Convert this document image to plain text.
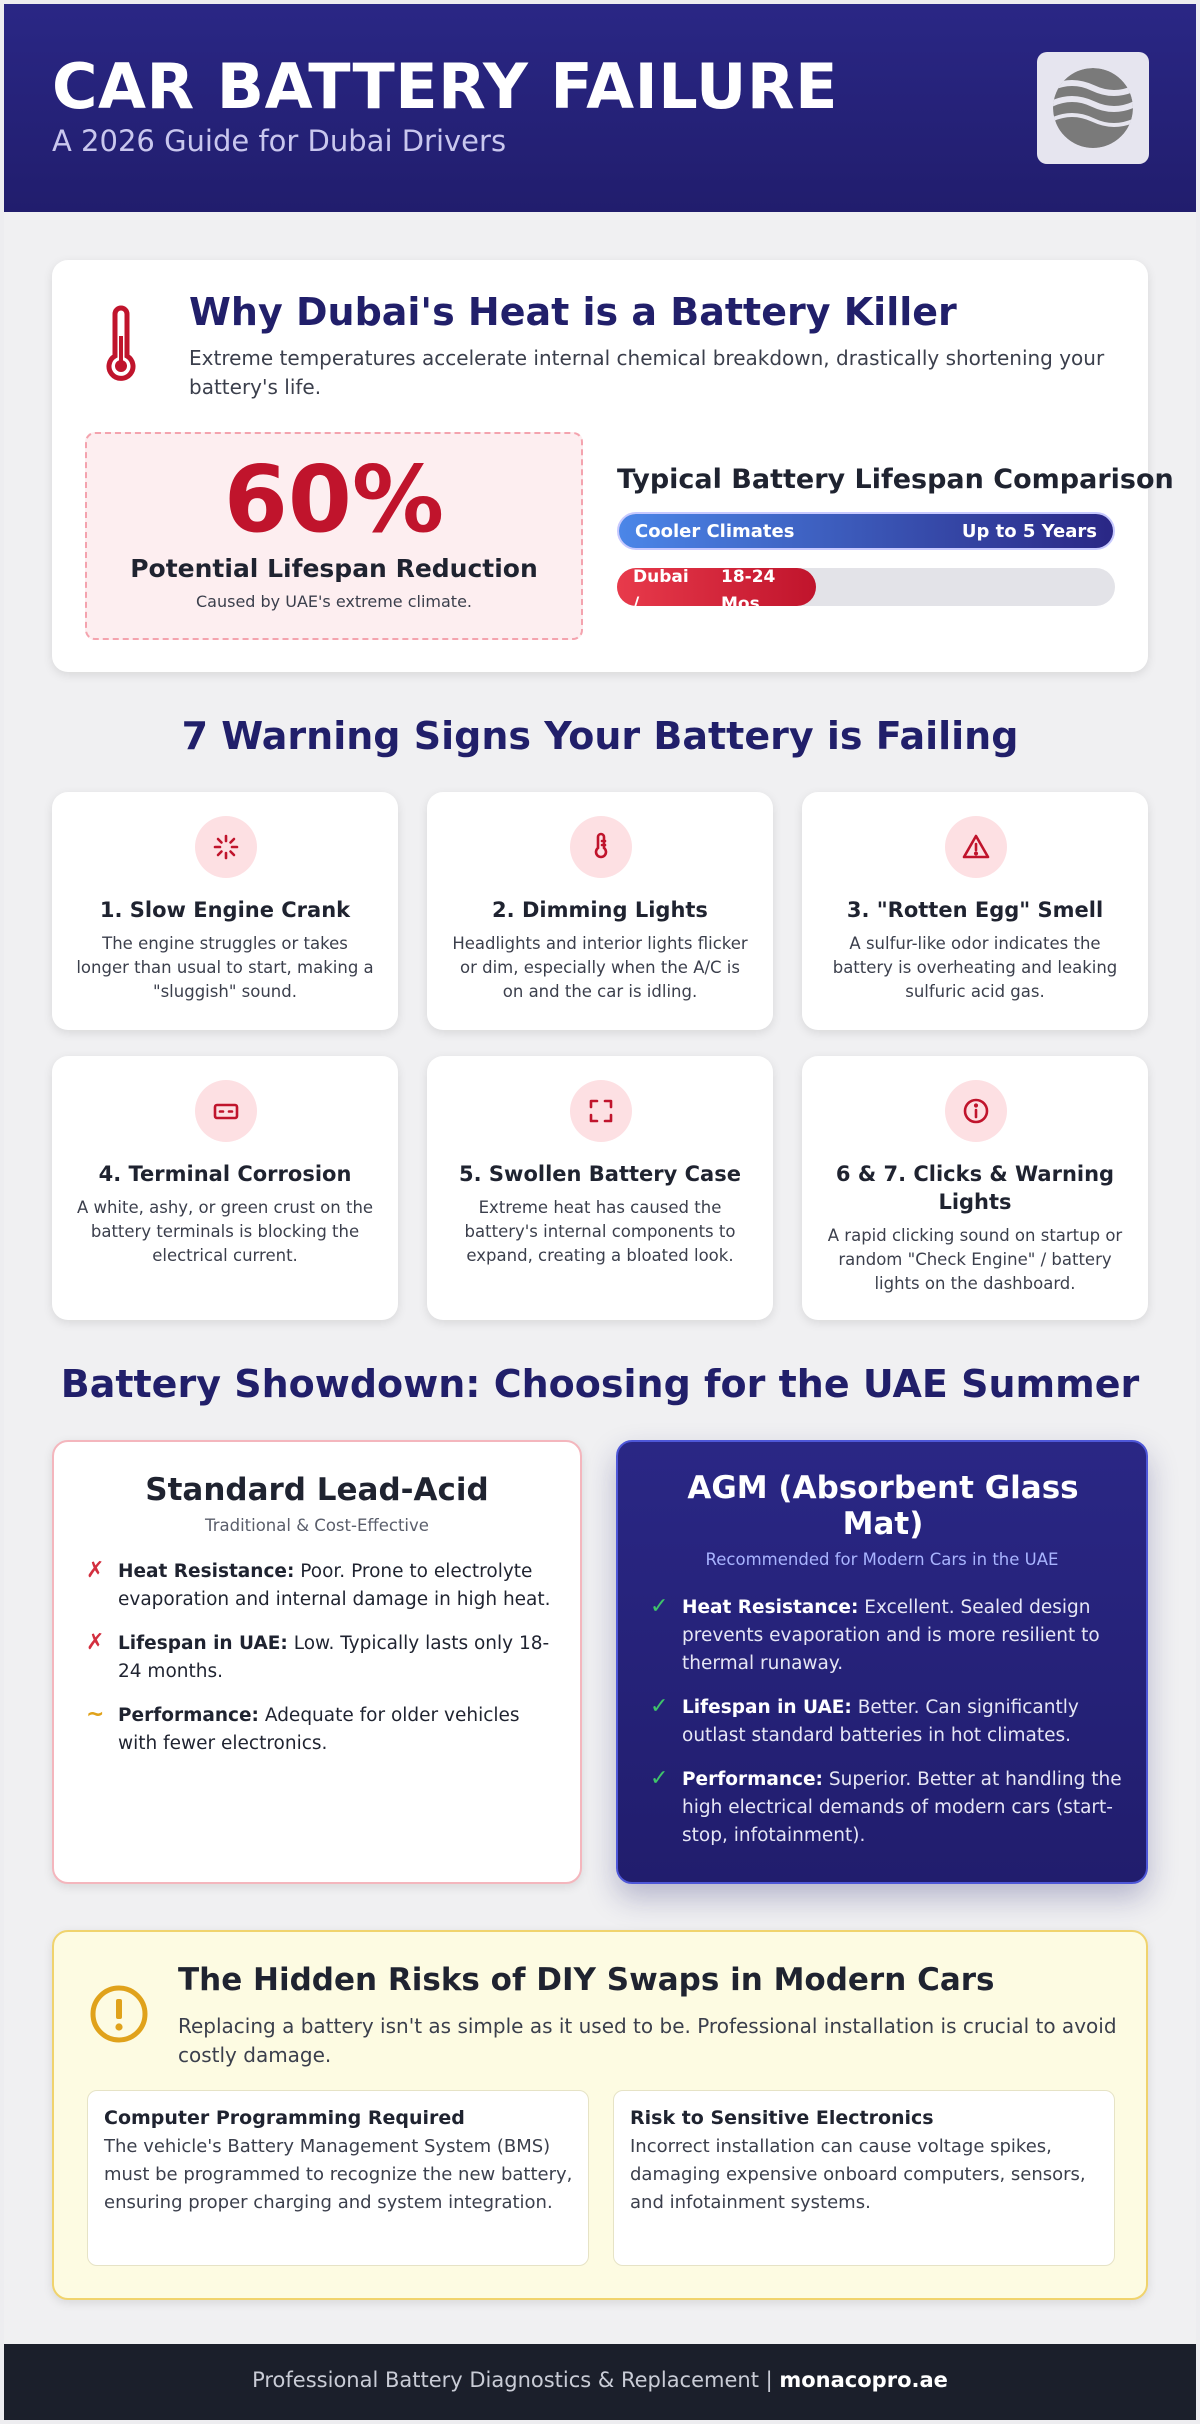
CAR BATTERY FAILURE
A 2026 Guide for Dubai Drivers
Why Dubai's Heat is a Battery Killer
Extreme temperatures accelerate internal chemical breakdown, drastically shortening your battery's life.
60%
Potential Lifespan Reduction
Caused by UAE's extreme climate.
Typical Battery Lifespan Comparison
Cooler Climates	Up to 5 Years
Dubai / UAE
18-24 Mos
7 Warning Signs Your Battery is Failing
1. Slow Engine Crank
The engine struggles or takes longer than usual to start, making a "sluggish" sound.
2. Dimming Lights
Headlights and interior lights flicker or dim, especially when the A/C is on and the car is idling.
3. "Rotten Egg" Smell
A sulfur-like odor indicates the battery is overheating and leaking sulfuric acid gas.
4. Terminal Corrosion
A white, ashy, or green crust on the battery terminals is blocking the electrical current.
5. Swollen Battery Case
Extreme heat has caused the battery's internal components to expand, creating a bloated look.
6 & 7. Clicks & Warning Lights
A rapid clicking sound on startup or random "Check Engine" / battery lights on the dashboard.
Battery Showdown: Choosing for the UAE Summer
Standard Lead-Acid
Traditional & Cost-Effective
✗ Heat Resistance: Poor. Prone to electrolyte evaporation and internal damage in high heat.
✗ Lifespan in UAE: Low. Typically lasts only 18-24 months.
~ Performance: Adequate for older vehicles with fewer electronics.
AGM (Absorbent Glass Mat)
Recommended for Modern Cars in the UAE
✓ Heat Resistance: Excellent. Sealed design prevents evaporation and is more resilient to thermal runaway.
✓ Lifespan in UAE: Better. Can significantly outlast standard batteries in hot climates.
✓ Performance: Superior. Better at handling the high electrical demands of modern cars (start-stop, infotainment).
The Hidden Risks of DIY Swaps in Modern Cars
Replacing a battery isn't as simple as it used to be. Professional installation is crucial to avoid costly damage.
Computer Programming Required
The vehicle's Battery Management System (BMS) must be programmed to recognize the new battery, ensuring proper charging and system integration.
Risk to Sensitive Electronics
Incorrect installation can cause voltage spikes, damaging expensive onboard computers, sensors, and infotainment systems.
Professional Battery Diagnostics & Replacement | monacopro.ae
